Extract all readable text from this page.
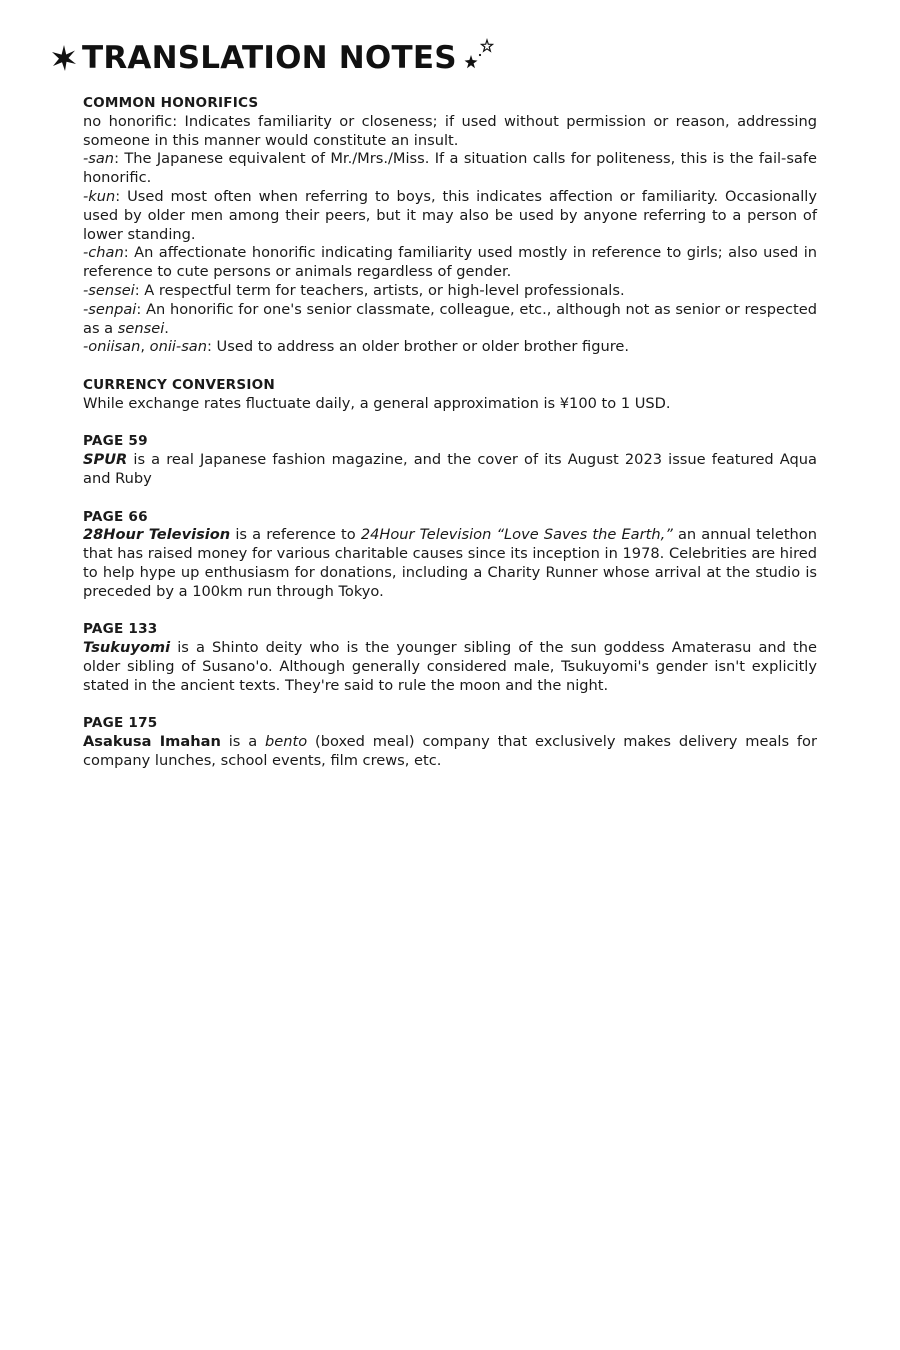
TRANSLATION NOTES

COMMON HONORIFICS

no honorific: Indicates familiarity or closeness; if used without permission or reason, addressing someone in this manner would constitute an insult.

-san: The Japanese equivalent of Mr./Mrs./Miss. If a situation calls for politeness, this is the fail-safe honorific.

-kun: Used most often when referring to boys, this indicates affection or familiarity. Occasionally used by older men among their peers, but it may also be used by anyone referring to a person of lower standing.

-chan: An affectionate honorific indicating familiarity used mostly in reference to girls; also used in reference to cute persons or animals regardless of gender.

-sensei: A respectful term for teachers, artists, or high-level professionals.

-senpai: An honorific for one's senior classmate, colleague, etc., although not as senior or respected as a sensei.

-oniisan, onii-san: Used to address an older brother or older brother figure.

CURRENCY CONVERSION

While exchange rates fluctuate daily, a general approximation is ¥100 to 1 USD.

PAGE 59

SPUR is a real Japanese fashion magazine, and the cover of its August 2023 issue featured Aqua and Ruby

PAGE 66

28Hour Television is a reference to 24Hour Television “Love Saves the Earth,” an annual telethon that has raised money for various charitable causes since its inception in 1978. Celebrities are hired to help hype up enthusiasm for donations, including a Charity Runner whose arrival at the studio is preceded by a 100km run through Tokyo.

PAGE 133

Tsukuyomi is a Shinto deity who is the younger sibling of the sun goddess Amaterasu and the older sibling of Susano'o. Although generally considered male, Tsukuyomi's gender isn't explicitly stated in the ancient texts. They're said to rule the moon and the night.

PAGE 175

Asakusa Imahan is a bento (boxed meal) company that exclusively makes delivery meals for company lunches, school events, film crews, etc.
